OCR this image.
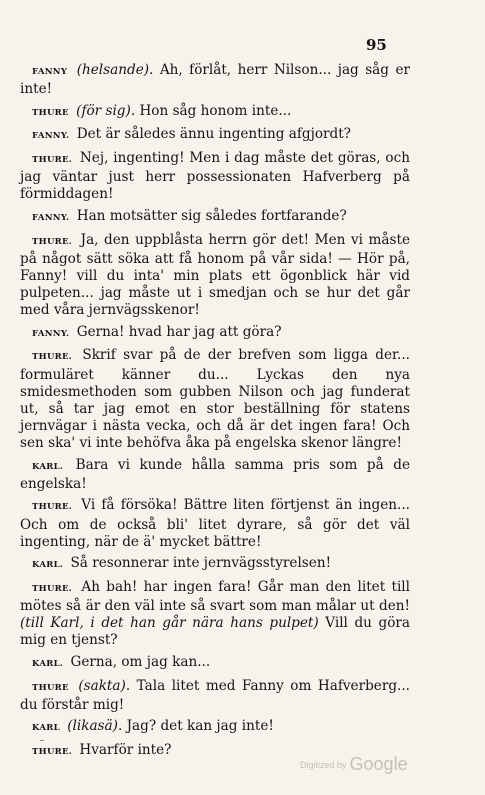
95

FANNY (helsande). Ah, förlåt, herr Nilson... jag såg er inte!

THURE (för sig). Hon såg honom inte...

FANNY. Det är således ännu ingenting afgjordt?

THURE. Nej, ingenting! Men i dag måste det göras, och jag väntar just herr possessionaten Hafverberg på förmiddagen!

FANNY. Han motsätter sig således fortfarande?

THURE. Ja, den uppblåsta herrn gör det! Men vi måste på något sätt söka att få honom på vår sida! — Hör på, Fanny! vill du inta' min plats ett ögonblick här vid pulpeten... jag måste ut i smedjan och se hur det går med våra jernvägsskenor!

FANNY. Gerna! hvad har jag att göra?

THURE. Skrif svar på de der brefven som ligga der... formuläret känner du... Lyckas den nya smidesmethoden som gubben Nilson och jag funderat ut, så tar jag emot en stor beställning för statens jernvägar i nästa vecka, och då är det ingen fara! Och sen ska' vi inte behöfva åka på engelska skenor längre!

KARL. Bara vi kunde hålla samma pris som på de engelska!

THURE. Vi få försöka! Bättre liten förtjenst än ingen... Och om de också bli' litet dyrare, så gör det väl ingenting, när de ä' mycket bättre!

KARL. Så resonnerar inte jernvägsstyrelsen!

THURE. Ah bah! har ingen fara! Går man den litet till mötes så är den väl inte så svart som man målar ut den! (till Karl, i det han går nära hans pulpet) Vill du göra mig en tjenst?

KARL. Gerna, om jag kan...

THURE (sakta). Tala litet med Fanny om Hafverberg... du förstår mig!

KARL (likasä). Jag? det kan jag inte!

THURE. Hvarför inte?

Digitized by Google
